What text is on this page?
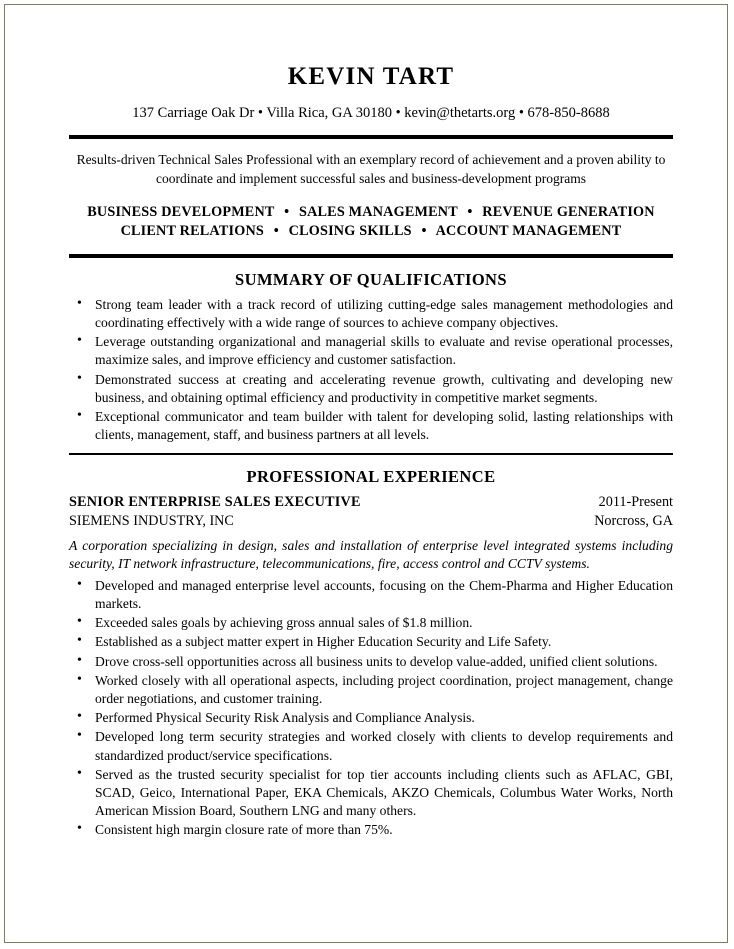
KEVIN TART
137 Carriage Oak Dr • Villa Rica, GA 30180 • kevin@thetarts.org • 678-850-8688
Results-driven Technical Sales Professional with an exemplary record of achievement and a proven ability to coordinate and implement successful sales and business-development programs
BUSINESS DEVELOPMENT • SALES MANAGEMENT • REVENUE GENERATION
CLIENT RELATIONS • CLOSING SKILLS • ACCOUNT MANAGEMENT
SUMMARY OF QUALIFICATIONS
• Strong team leader with a track record of utilizing cutting-edge sales management methodologies and coordinating effectively with a wide range of sources to achieve company objectives.
• Leverage outstanding organizational and managerial skills to evaluate and revise operational processes, maximize sales, and improve efficiency and customer satisfaction.
• Demonstrated success at creating and accelerating revenue growth, cultivating and developing new business, and obtaining optimal efficiency and productivity in competitive market segments.
• Exceptional communicator and team builder with talent for developing solid, lasting relationships with clients, management, staff, and business partners at all levels.
PROFESSIONAL EXPERIENCE
SENIOR ENTERPRISE SALES EXECUTIVE	2011-Present
SIEMENS INDUSTRY, INC	Norcross, GA
A corporation specializing in design, sales and installation of enterprise level integrated systems including security, IT network infrastructure, telecommunications, fire, access control and CCTV systems.
• Developed and managed enterprise level accounts, focusing on the Chem-Pharma and Higher Education markets.
• Exceeded sales goals by achieving gross annual sales of $1.8 million.
• Established as a subject matter expert in Higher Education Security and Life Safety.
• Drove cross-sell opportunities across all business units to develop value-added, unified client solutions.
• Worked closely with all operational aspects, including project coordination, project management, change order negotiations, and customer training.
• Performed Physical Security Risk Analysis and Compliance Analysis.
• Developed long term security strategies and worked closely with clients to develop requirements and standardized product/service specifications.
• Served as the trusted security specialist for top tier accounts including clients such as AFLAC, GBI, SCAD, Geico, International Paper, EKA Chemicals, AKZO Chemicals, Columbus Water Works, North American Mission Board, Southern LNG and many others.
• Consistent high margin closure rate of more than 75%.
